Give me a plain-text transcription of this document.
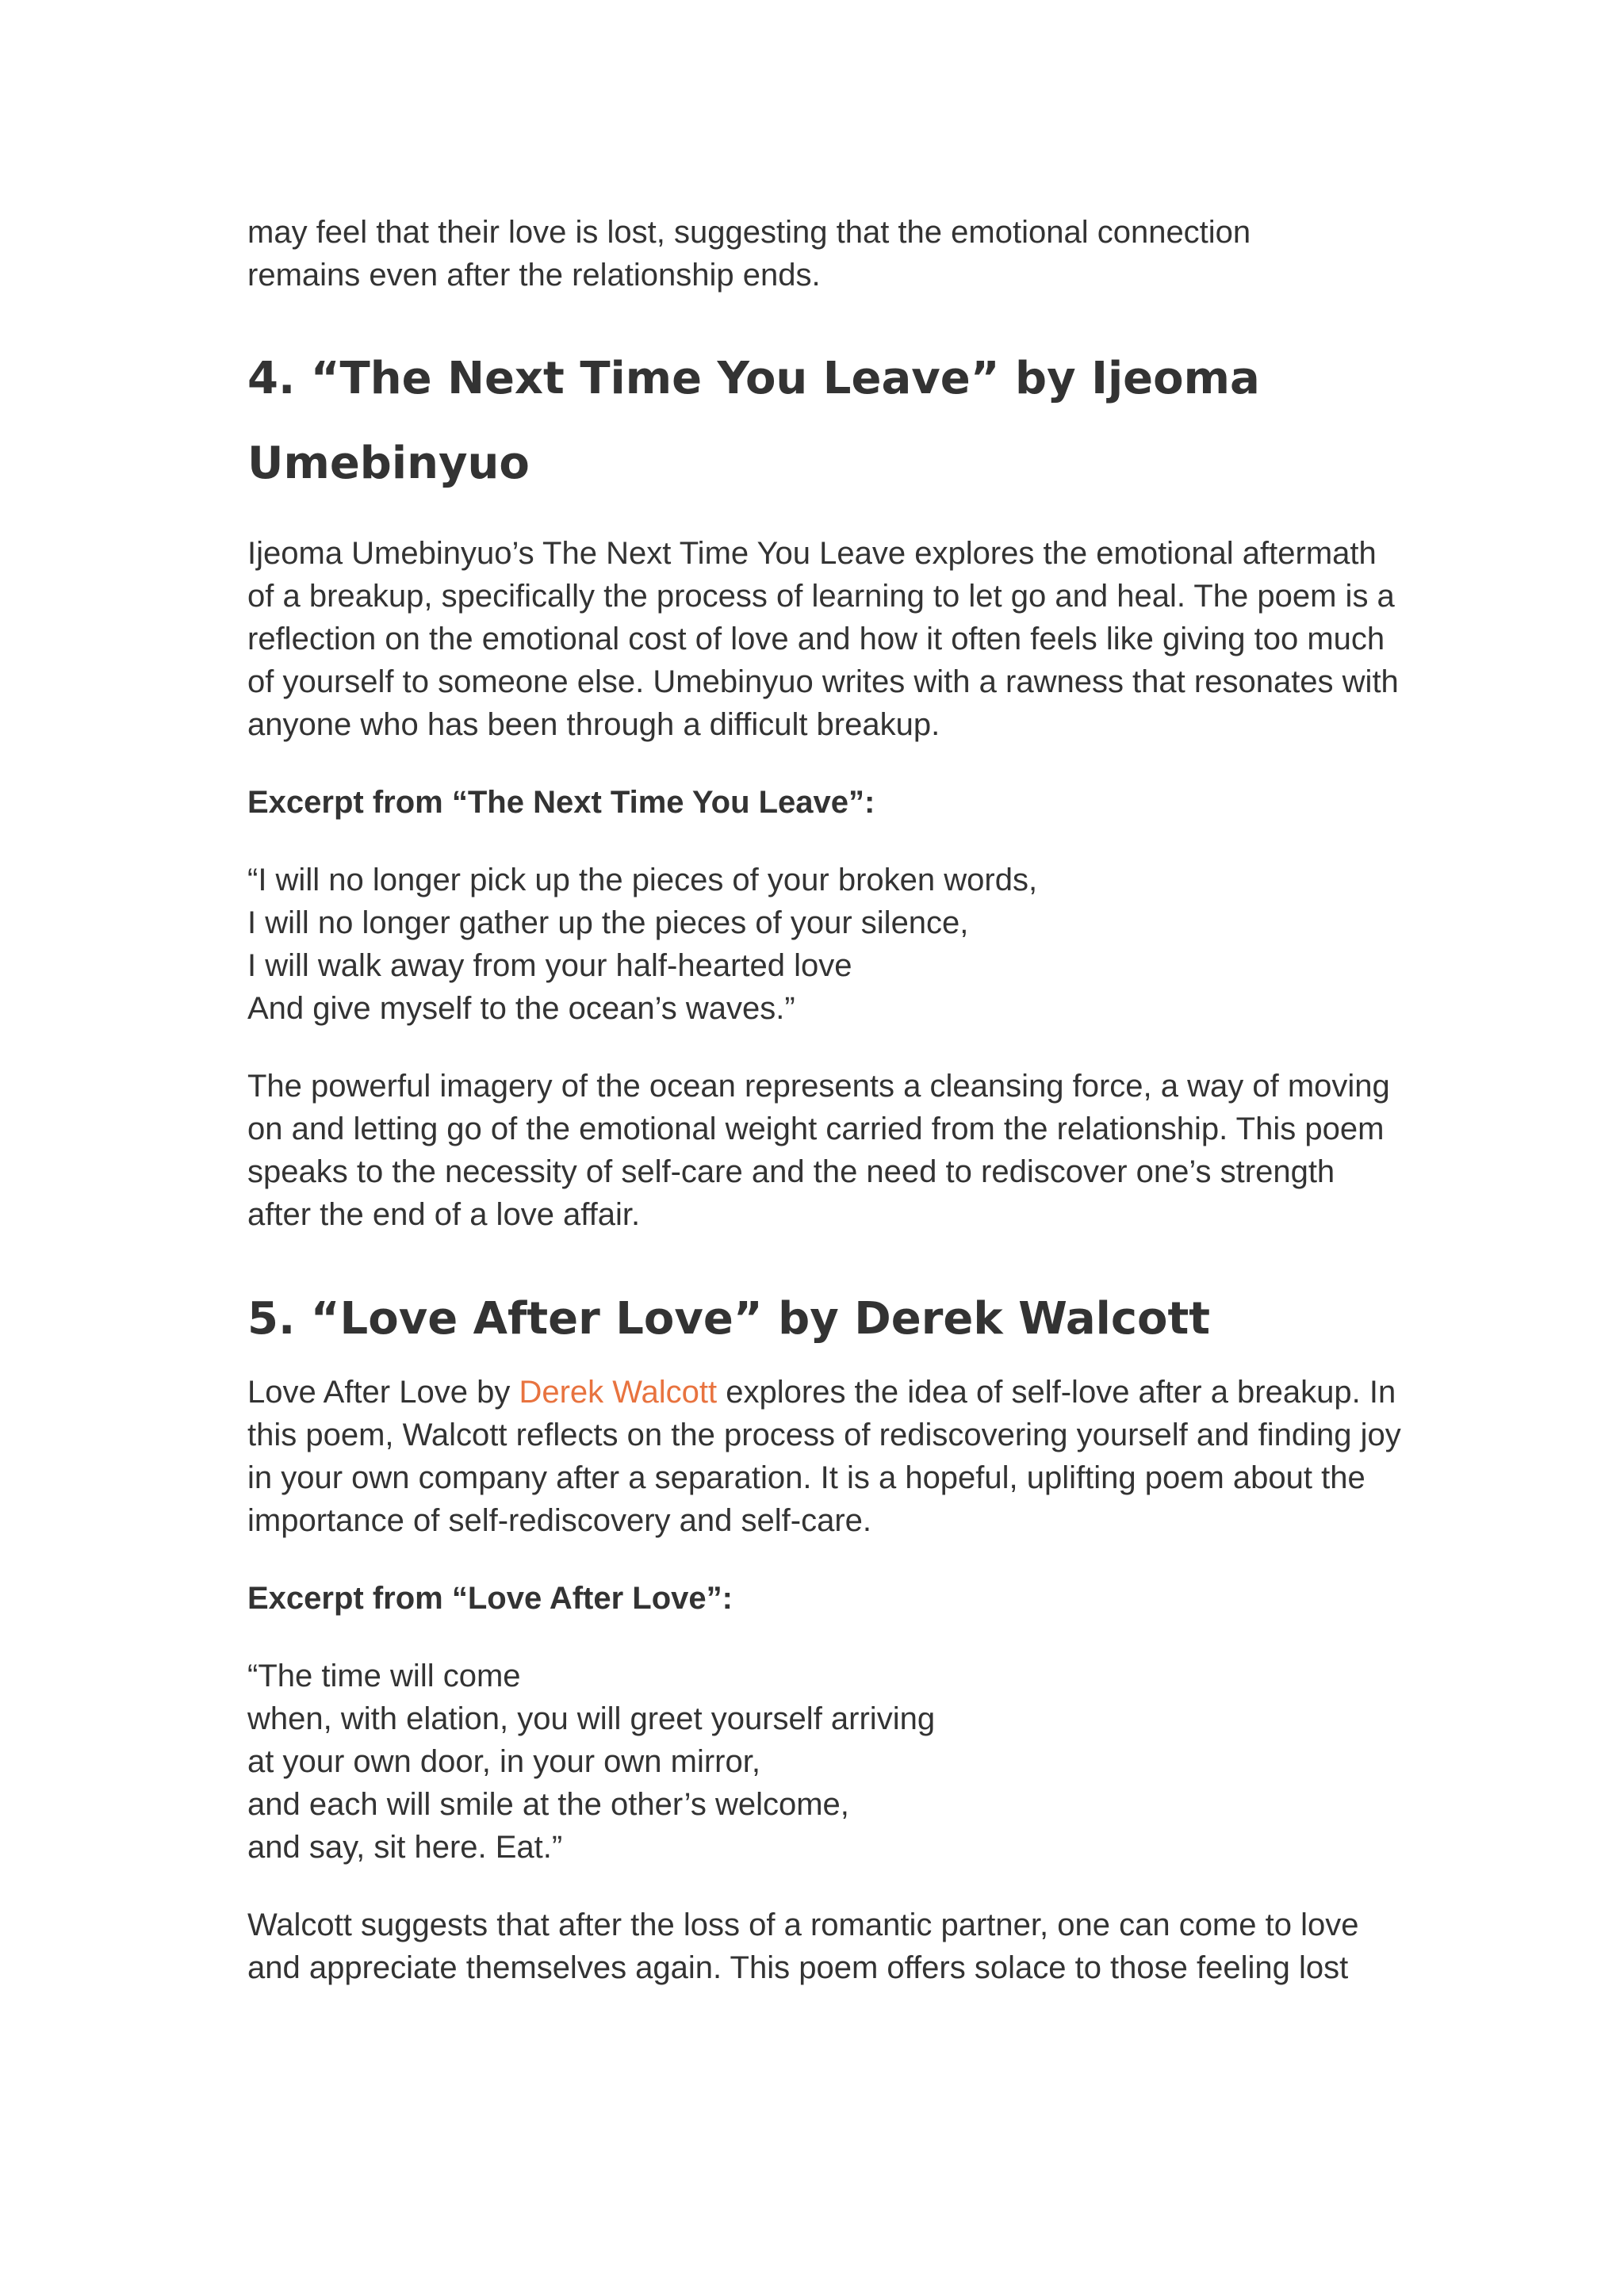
may feel that their love is lost, suggesting that the emotional connection remains even after the relationship ends.

4. “The Next Time You Leave” by Ijeoma
Umebinyuo

Ijeoma Umebinyuo’s The Next Time You Leave explores the emotional aftermath of a breakup, specifically the process of learning to let go and heal. The poem is a reflection on the emotional cost of love and how it often feels like giving too much of yourself to someone else. Umebinyuo writes with a rawness that resonates with anyone who has been through a difficult breakup.

Excerpt from “The Next Time You Leave”:

“I will no longer pick up the pieces of your broken words,
I will no longer gather up the pieces of your silence,
I will walk away from your half-hearted love
And give myself to the ocean’s waves.”

The powerful imagery of the ocean represents a cleansing force, a way of moving on and letting go of the emotional weight carried from the relationship. This poem speaks to the necessity of self-care and the need to rediscover one’s strength after the end of a love affair.

5. “Love After Love” by Derek Walcott

Love After Love by Derek Walcott explores the idea of self-love after a breakup. In this poem, Walcott reflects on the process of rediscovering yourself and finding joy in your own company after a separation. It is a hopeful, uplifting poem about the importance of self-rediscovery and self-care.

Excerpt from “Love After Love”:

“The time will come
when, with elation, you will greet yourself arriving
at your own door, in your own mirror,
and each will smile at the other’s welcome,
and say, sit here. Eat.”

Walcott suggests that after the loss of a romantic partner, one can come to love and appreciate themselves again. This poem offers solace to those feeling lost
